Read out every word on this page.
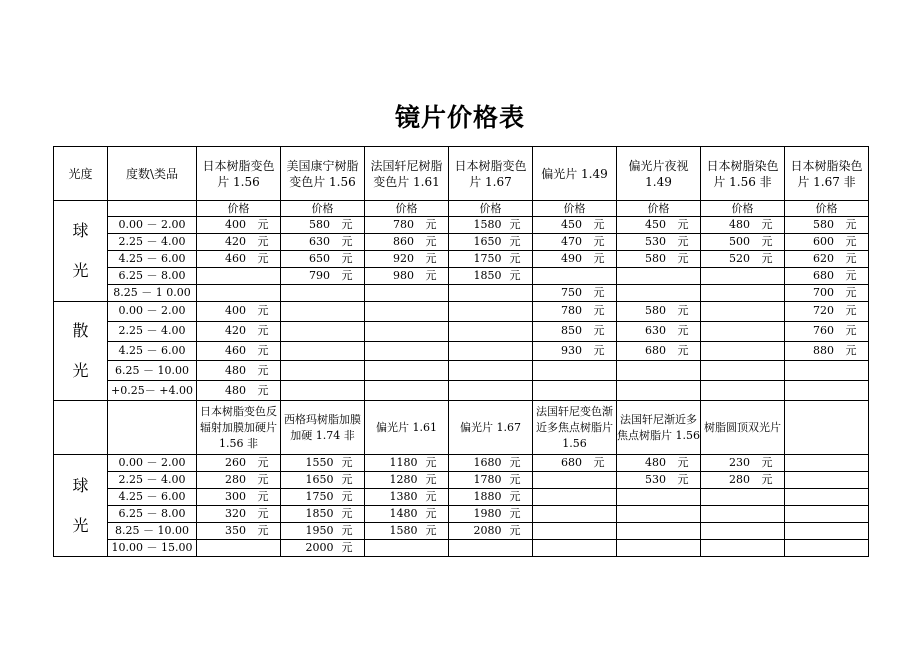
镜片价格表
光度	度数\类品	日本树脂变色片 1.56	美国康宁树脂变色片 1.56	法国轩尼树脂变色片 1.61	日本树脂变色片 1.67	偏光片 1.49	偏光片夜视 1.49	日本树脂染色片 1.56 非	日本树脂染色片 1.67 非

球
光		价格	价格	价格	价格	价格	价格	价格	价格
	0.00 － 2.00	400 元	580 元	780 元	1580 元	450 元	450 元	480 元	580 元
	2.25 － 4.00	420 元	630 元	860 元	1650 元	470 元	530 元	500 元	600 元
	4.25 － 6.00	460 元	650 元	920 元	1750 元	490 元	580 元	520 元	620 元
	6.25 － 8.00		790 元	980 元	1850 元				680 元
	8.25 － 1 0.00					750 元			700 元

散
光	0.00 － 2.00	400 元				780 元	580 元		720 元
	2.25 － 4.00	420 元				850 元	630 元		760 元
	4.25 － 6.00	460 元				930 元	680 元		880 元
	6.25 － 10.00	480 元							
	+0.25－ +4.00	480 元							
		日本树脂变色反辐射加膜加硬片 1.56 非	西格玛树脂加膜加硬 1.74 非	偏光片 1.61	偏光片 1.67	法国轩尼变色渐近多焦点树脂片 1.56	法国轩尼渐近多焦点树脂片 1.56	树脂圆顶双光片	

球
光	0.00 － 2.00	260 元	1550 元	1180 元	1680 元	680 元	480 元	230 元	
	2.25 － 4.00	280 元	1650 元	1280 元	1780 元		530 元	280 元	
	4.25 － 6.00	300 元	1750 元	1380 元	1880 元				
	6.25 － 8.00	320 元	1850 元	1480 元	1980 元				
	8.25 － 10.00	350 元	1950 元	1580 元	2080 元				
	10.00 － 15.00		2000 元						
